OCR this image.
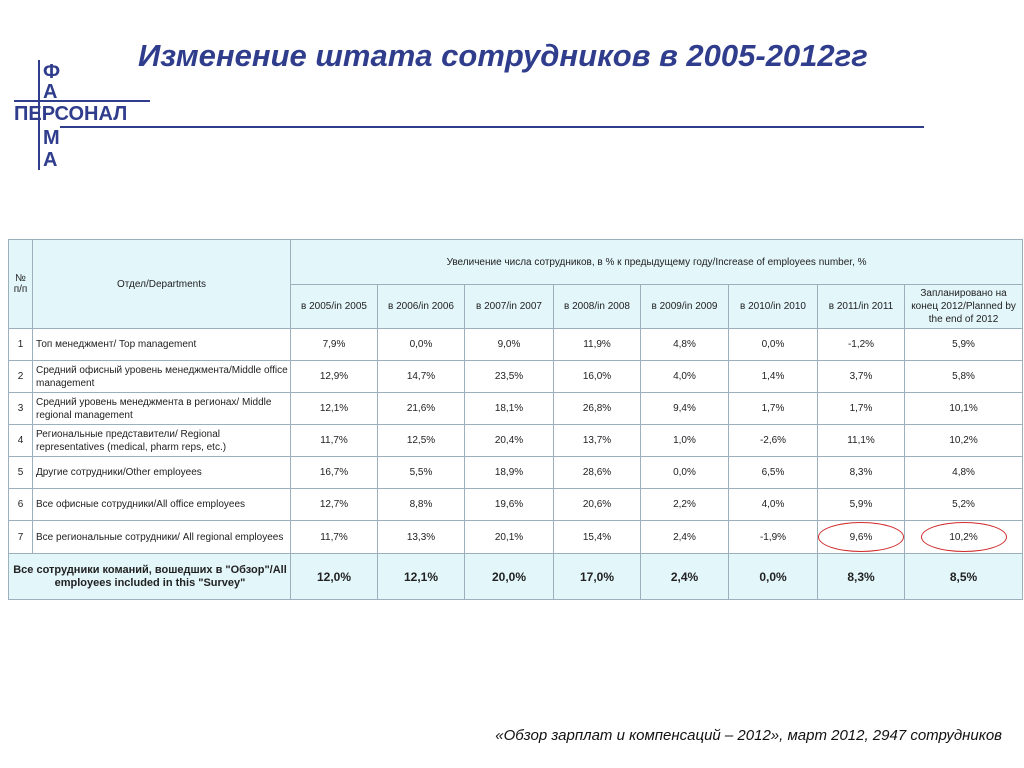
Изменение штата сотрудников в 2005-2012гг
Ф
А
ПЕРСОНАЛ
М
А
№ п/п	Отдел/Departments	Увеличение числа сотрудников, в % к предыдущему году/Increase of employees number, %							
		в 2005/in 2005	в 2006/in 2006	в 2007/in 2007	в 2008/in 2008	в 2009/in 2009	в 2010/in 2010	в 2011/in 2011	Запланировано на конец 2012/Planned by the end of 2012
1	Топ менеджмент/ Top management	7,9%	0,0%	9,0%	11,9%	4,8%	0,0%	-1,2%	5,9%
2	Средний офисный уровень менеджмента/Middle office management	12,9%	14,7%	23,5%	16,0%	4,0%	1,4%	3,7%	5,8%
3	Средний уровень менеджмента в регионах/ Middle regional management	12,1%	21,6%	18,1%	26,8%	9,4%	1,7%	1,7%	10,1%
4	Региональные представители/ Regional representatives (medical, pharm reps, etc.)	11,7%	12,5%	20,4%	13,7%	1,0%	-2,6%	11,1%	10,2%
5	Другие сотрудники/Other employees	16,7%	5,5%	18,9%	28,6%	0,0%	6,5%	8,3%	4,8%
6	Все офисные сотрудники/All office employees	12,7%	8,8%	19,6%	20,6%	2,2%	4,0%	5,9%	5,2%
7	Все региональные сотрудники/ All regional employees	11,7%	13,3%	20,1%	15,4%	2,4%	-1,9%	9,6%	10,2%

Все сотрудники команий, вошедших в "Обзор"/All employees included in this "Survey"		12,0%	12,1%	20,0%	17,0%	2,4%	0,0%	8,3%	8,5%
«Обзор зарплат и компенсаций – 2012», март 2012, 2947 сотрудников
